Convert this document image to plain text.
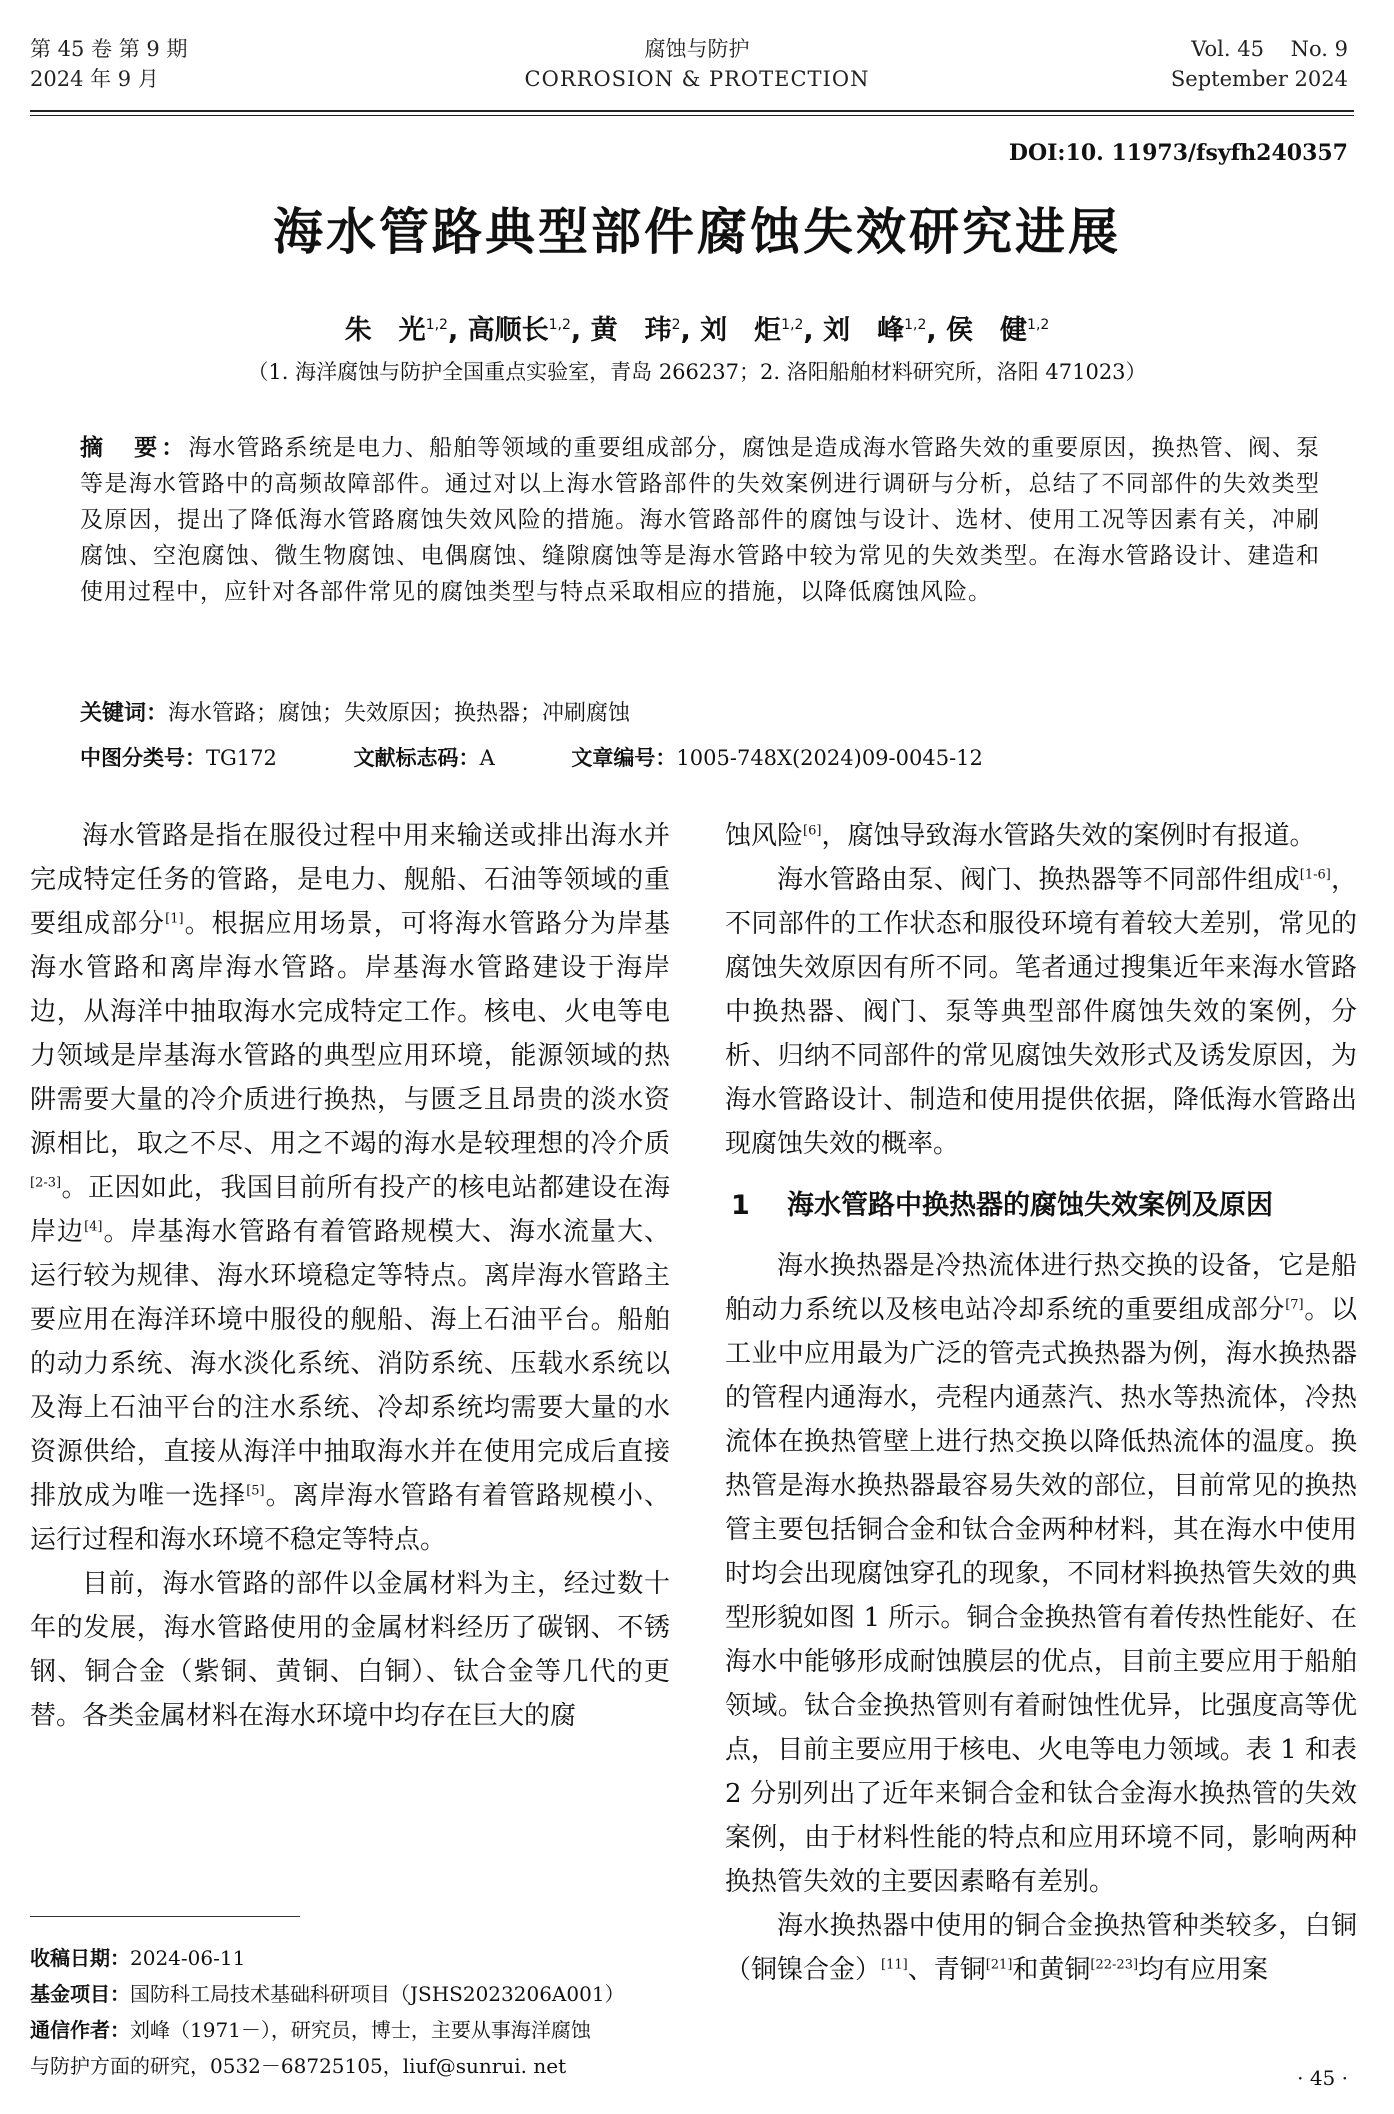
第 45 卷 第 9 期
2024 年 9 月
腐蚀与防护
CORROSION & PROTECTION
Vol. 45    No. 9
September 2024
DOI:10. 11973/fsyfh240357
海水管路典型部件腐蚀失效研究进展
朱　光$^{1,2}$, 高顺长$^{1,2}$, 黄　玮$^2$, 刘　炬$^{1,2}$, 刘　峰$^{1,2}$, 侯　健$^{1,2}$
（1. 海洋腐蚀与防护全国重点实验室，青岛 266237；2. 洛阳船舶材料研究所，洛阳 471023）
摘　要：海水管路系统是电力、船舶等领域的重要组成部分，腐蚀是造成海水管路失效的重要原因，换热管、阀、泵等是海水管路中的高频故障部件。通过对以上海水管路部件的失效案例进行调研与分析，总结了不同部件的失效类型及原因，提出了降低海水管路腐蚀失效风险的措施。海水管路部件的腐蚀与设计、选材、使用工况等因素有关，冲刷腐蚀、空泡腐蚀、微生物腐蚀、电偶腐蚀、缝隙腐蚀等是海水管路中较为常见的失效类型。在海水管路设计、建造和使用过程中，应针对各部件常见的腐蚀类型与特点采取相应的措施，以降低腐蚀风险。
关键词：海水管路；腐蚀；失效原因；换热器；冲刷腐蚀
中图分类号：TG172	文献标志码：A	文章编号：1005-748X(2024)09-0045-12

海水管路是指在服役过程中用来输送或排出海水并完成特定任务的管路，是电力、舰船、石油等领域的重要组成部分[1]。根据应用场景，可将海水管路分为岸基海水管路和离岸海水管路。岸基海水管路建设于海岸边，从海洋中抽取海水完成特定工作。核电、火电等电力领域是岸基海水管路的典型应用环境，能源领域的热阱需要大量的冷介质进行换热，与匮乏且昂贵的淡水资源相比，取之不尽、用之不竭的海水是较理想的冷介质[2-3]。正因如此，我国目前所有投产的核电站都建设在海岸边[4]。岸基海水管路有着管路规模大、海水流量大、运行较为规律、海水环境稳定等特点。离岸海水管路主要应用在海洋环境中服役的舰船、海上石油平台。船舶的动力系统、海水淡化系统、消防系统、压载水系统以及海上石油平台的注水系统、冷却系统均需要大量的水资源供给，直接从海洋中抽取海水并在使用完成后直接排放成为唯一选择[5]。离岸海水管路有着管路规模小、运行过程和海水环境不稳定等特点。

目前，海水管路的部件以金属材料为主，经过数十年的发展，海水管路使用的金属材料经历了碳钢、不锈钢、铜合金（紫铜、黄铜、白铜）、钛合金等几代的更替。各类金属材料在海水环境中均存在巨大的腐

蚀风险[6]，腐蚀导致海水管路失效的案例时有报道。

海水管路由泵、阀门、换热器等不同部件组成[1-6]，不同部件的工作状态和服役环境有着较大差别，常见的腐蚀失效原因有所不同。笔者通过搜集近年来海水管路中换热器、阀门、泵等典型部件腐蚀失效的案例，分析、归纳不同部件的常见腐蚀失效形式及诱发原因，为海水管路设计、制造和使用提供依据，降低海水管路出现腐蚀失效的概率。

1 海水管路中换热器的腐蚀失效案例及原因

海水换热器是冷热流体进行热交换的设备，它是船舶动力系统以及核电站冷却系统的重要组成部分[7]。以工业中应用最为广泛的管壳式换热器为例，海水换热器的管程内通海水，壳程内通蒸汽、热水等热流体，冷热流体在换热管壁上进行热交换以降低热流体的温度。换热管是海水换热器最容易失效的部位，目前常见的换热管主要包括铜合金和钛合金两种材料，其在海水中使用时均会出现腐蚀穿孔的现象，不同材料换热管失效的典型形貌如图 1 所示。铜合金换热管有着传热性能好、在海水中能够形成耐蚀膜层的优点，目前主要应用于船舶领域。钛合金换热管则有着耐蚀性优异，比强度高等优点，目前主要应用于核电、火电等电力领域。表 1 和表 2 分别列出了近年来铜合金和钛合金海水换热管的失效案例，由于材料性能的特点和应用环境不同，影响两种换热管失效的主要因素略有差别。

海水换热器中使用的铜合金换热管种类较多，白铜（铜镍合金）[11]、青铜[21]和黄铜[22-23]均有应用案

收稿日期：2024-06-11
基金项目：国防科工局技术基础科研项目（JSHS2023206A001）
通信作者：刘峰（1971－），研究员，博士，主要从事海洋腐蚀
与防护方面的研究，0532－68725105，liuf@sunrui. net	· 45 ·
